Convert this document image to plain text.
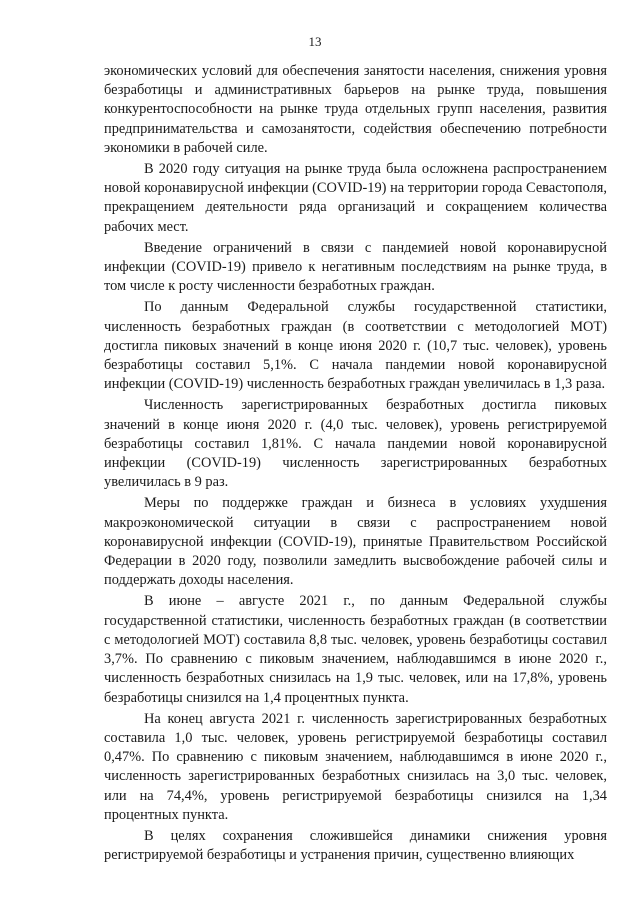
13

экономических условий для обеспечения занятости населения, снижения уровня безработицы и административных барьеров на рынке труда, повышения конкурентоспособности на рынке труда отдельных групп населения, развития предпринимательства и самозанятости, содействия обеспечению потребности экономики в рабочей силе.

В 2020 году ситуация на рынке труда была осложнена распространением новой коронавирусной инфекции (COVID-19) на территории города Севастополя, прекращением деятельности ряда организаций и сокращением количества рабочих мест.

Введение ограничений в связи с пандемией новой коронавирусной инфекции (COVID-19) привело к негативным последствиям на рынке труда, в том числе к росту численности безработных граждан.

По данным Федеральной службы государственной статистики, численность безработных граждан (в соответствии с методологией МОТ) достигла пиковых значений в конце июня 2020 г. (10,7 тыс. человек), уровень безработицы составил 5,1%. С начала пандемии новой коронавирусной инфекции (COVID-19) численность безработных граждан увеличилась в 1,3 раза.

Численность зарегистрированных безработных достигла пиковых значений в конце июня 2020 г. (4,0 тыс. человек), уровень регистрируемой безработицы составил 1,81%. С начала пандемии новой коронавирусной инфекции (COVID-19) численность зарегистрированных безработных увеличилась в 9 раз.

Меры по поддержке граждан и бизнеса в условиях ухудшения макроэкономической ситуации в связи с распространением новой коронавирусной инфекции (COVID-19), принятые Правительством Российской Федерации в 2020 году, позволили замедлить высвобождение рабочей силы и поддержать доходы населения.

В июне – августе 2021 г., по данным Федеральной службы государственной статистики, численность безработных граждан (в соответствии с методологией МОТ) составила 8,8 тыс. человек, уровень безработицы составил 3,7%. По сравнению с пиковым значением, наблюдавшимся в июне 2020 г., численность безработных снизилась на 1,9 тыс. человек, или на 17,8%, уровень безработицы снизился на 1,4 процентных пункта.

На конец августа 2021 г. численность зарегистрированных безработных составила 1,0 тыс. человек, уровень регистрируемой безработицы составил 0,47%. По сравнению с пиковым значением, наблюдавшимся в июне 2020 г., численность зарегистрированных безработных снизилась на 3,0 тыс. человек, или на 74,4%, уровень регистрируемой безработицы снизился на 1,34 процентных пункта.

В целях сохранения сложившейся динамики снижения уровня регистрируемой безработицы и устранения причин, существенно влияющих
